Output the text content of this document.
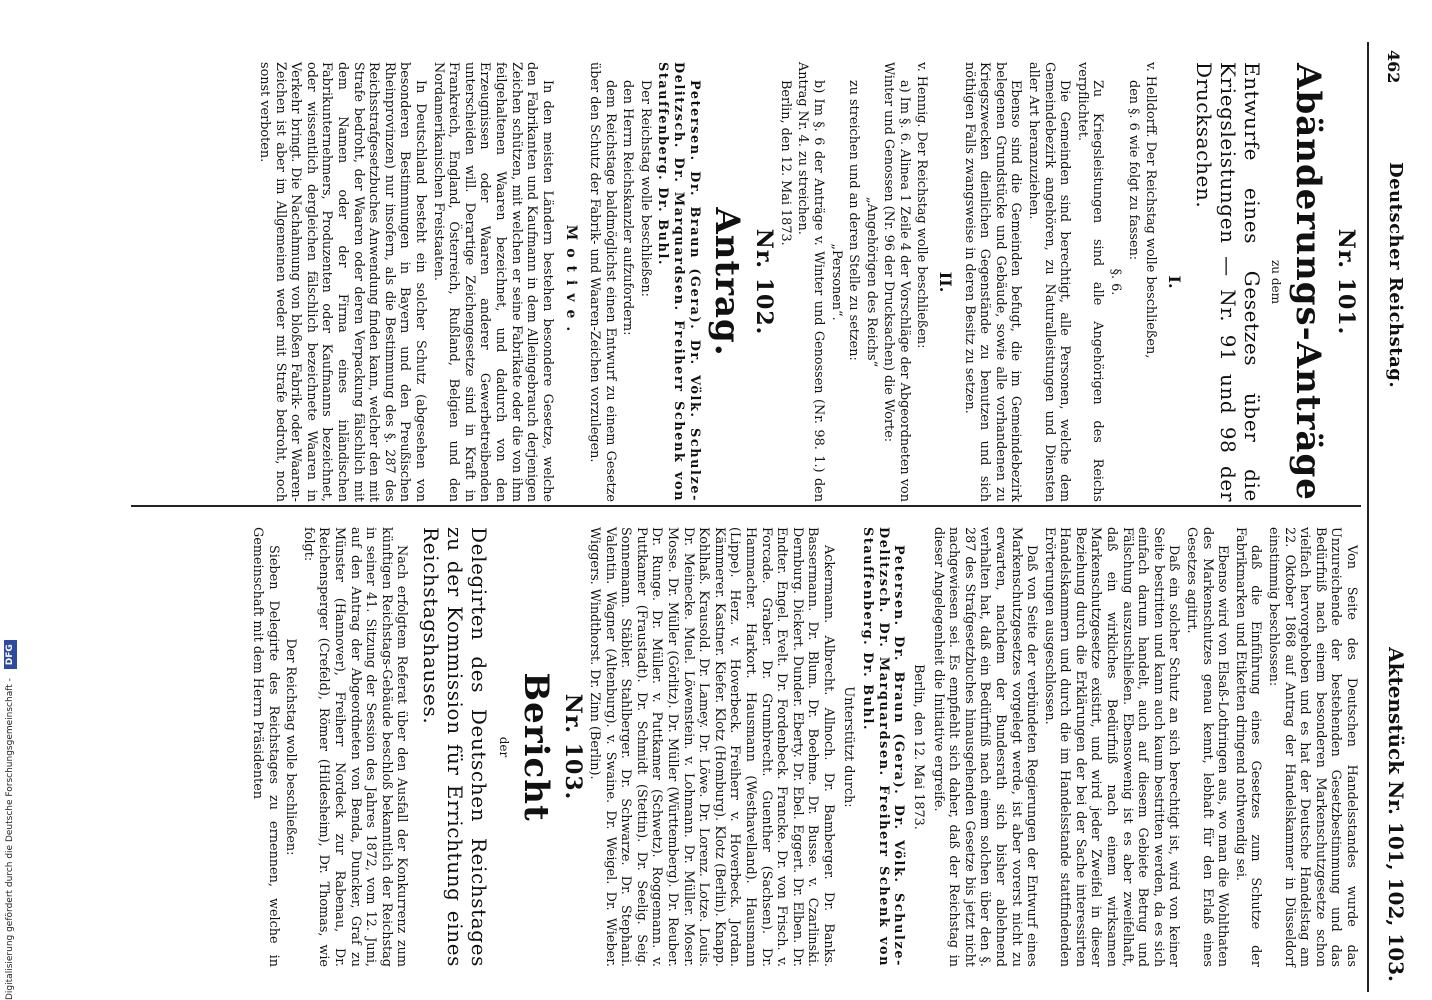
462
Deutscher Reichstag.
Aktenstück Nr. 101, 102, 103.
Nr. 101.
Abänderungs-Anträge
zu dem
Entwurfe eines Gesetzes über die Kriegsleistungen — Nr. 91 und 98 der Drucksachen.
I.

v. Helldorff. Der Reichstag wolle beschließen,

den §. 6 wie folgt zu fassen:

§. 6.

Zu Kriegsleistungen sind alle Angehörigen des Reichs verpflichtet.

Die Gemeinden sind berechtigt, alle Personen, welche dem Gemeindebezirk angehören, zu Naturalleistungen und Diensten aller Art heranzuziehen.

Ebenso sind die Gemeinden befugt, die im Gemeindebezirk belegenen Grundstücke und Gebäude, sowie alle vorhandenen zu Kriegszwecken dienlichen Gegenstände zu benutzen und sich nöthigen Falls zwangsweise in deren Besitz zu setzen.

II.

v. Hennig. Der Reichstag wolle beschließen:

a) Im §. 6. Alinea 1 Zeile 4 der Vorschläge der Abgeordneten von Winter und Genossen (Nr. 96 der Drucksachen) die Worte:

„Angehörigen des Reichs“

zu streichen und an deren Stelle zu setzen:

„Personen“.

b) Im §. 6 der Anträge v. Winter und Genossen (Nr. 98. 1.) den Antrag Nr. 4. zu streichen.

Berlin, den 12. Mai 1873.

Nr. 102.
Antrag.

Petersen. Dr. Braun (Gera). Dr. Völk. Schulze-Delitzsch. Dr. Marquardsen. Freiherr Schenk von Stauffenberg. Dr. Buhl.

Der Reichstag wolle beschließen:

den Herrn Reichskanzler aufzufordern:

dem Reichstage baldmöglichst einen Entwurf zu einem Gesetze über den Schutz der Fabrik- und Waaren-Zeichen vorzulegen.

Motive.

In den meisten Ländern bestehen besondere Gesetze, welche den Fabrikanten und Kaufmann in dem Alleingebrauch derjenigen Zeichen schützen, mit welchen er seine Fabrikate oder die von ihm feilgehaltenen Waaren bezeichnet, und dadurch von den Erzeugnissen oder Waaren anderer Gewerbetreibenden unterscheiden will. Derartige Zeichengesetze sind in Kraft in Frankreich, England, Österreich, Rußland, Belgien und den Nordamerikanischen Freistaaten.

In Deutschland besteht ein solcher Schutz (abgesehen von besonderen Bestimmungen in Bayern und den Preußischen Rheinprovinzen) nur insofern, als die Bestimmung des §. 287 des Reichsstrafgesetzbuches Anwendung finden kann, welcher den mit Strafe bedroht, der Waaren oder deren Verpackung fälschlich mit dem Namen oder der Firma eines inländischen Fabrikunternehmers, Produzenten oder Kaufmanns bezeichnet, oder wissentlich dergleichen fälschlich bezeichnete Waaren in Verkehr bringt. Die Nachahmung von bloßen Fabrik- oder Waaren-Zeichen ist aber im Allgemeinen weder mit Strafe bedroht, noch sonst verboten.

Von Seite des Deutschen Handelsstandes wurde das Unzureichende der bestehenden Gesetzbestimmung und das Bedürfniß nach einem besonderen Markenschutzgesetze schon vielfach hervorgehoben und es hat der Deutsche Handelstag am 22. Oktober 1868 auf Antrag der Handelskammer in Düsseldorf einstimmig beschlossen:

daß die Einführung eines Gesetzes zum Schutze der Fabrikmarken und Etiketten dringend nothwendig sei.

Ebenso wird von Elsaß-Lothringen aus, wo man die Wohlthaten des Markenschutzes genau kennt, lebhaft für den Erlaß eines Gesetzes agitirt.

Daß ein solcher Schutz an sich berechtigt ist, wird von keiner Seite bestritten und kann auch kaum bestritten werden, da es sich einfach darum handelt, auch auf diesem Gebiete Betrug und Fälschung auszuschließen. Ebensowenig ist es aber zweifelhaft, daß ein wirkliches Bedürfniß nach einem wirksamen Markenschutzgesetze existirt, und wird jeder Zweifel in dieser Beziehung durch die Erklärungen der bei der Sache interessirten Handelskammern und durch die im Handelsstande stattfindenden Erörterungen ausgeschlossen.

Daß von Seite der verbündeten Regierungen der Entwurf eines Markenschutzgesetzes vorgelegt werde, ist aber vorerst nicht zu erwarten, nachdem der Bundesrath sich bisher ablehnend verhalten hat, daß ein Bedürfniß nach einem solchen über den §. 287 des Strafgesetzbuches hinausgehenden Gesetze bis jetzt nicht nachgewiesen sei. Es empfiehlt sich daher, daß der Reichstag in dieser Angelegenheit die Initiative ergreife.

Berlin, den 12. Mai 1873.

Petersen. Dr. Braun (Gera). Dr. Völk. Schulze-Delitzsch. Dr. Marquardsen. Freiherr Schenk von Stauffenberg. Dr. Buhl.

Unterstützt durch:

Ackermann. Albrecht. Allnoch. Dr. Bamberger. Dr. Banks. Bassermann. Dr. Blum. Dr. Boehme. Dr. Busse. v. Czarlinski. Dernburg. Dickert. Dunder. Eberty. Dr. Ebel. Eggert. Dr. Elben. Dr. Endter. Engel. Evelt. Dr. Fordenbeck. Francke. Dr. von Frisch. v. Forcade. Graber. Dr. Grumbrecht. Guenther (Sachsen). Dr. Hammacher. Harkort. Hausmann (Westhavelland). Hausmann (Lippe). Herz. v. Hoverbeck. Freiherr v. Hoverbeck. Jordan. Kämmerer. Kastner. Kiefer. Klotz (Homburg). Klotz (Berlin). Knapp. Kohlhaß. Krausold. Dr. Lamey. Dr. Löwe. Dr. Lorenz. Lotze. Louis. Dr. Meinecke. Muel. Löwenstein. v. Lohmann. Dr. Müller. Moser. Mosse. Dr. Müller (Görlitz). Dr. Müller (Württemberg). Dr. Reuber. Dr. Runge. Dr. Müller. v. Puttkamer (Schwetz). Roggemann. v. Puttkamer (Fraustadt). Dr. Schmidt (Stettin). Dr. Seelig. Seig. Sonnemann. Stäbler. Stahlberger. Dr. Schwarze. Dr. Stephani. Valentin. Wagner (Altenburg). v. Swaine. Dr. Weigel. Dr. Wieber. Wiggers. Windthorst. Dr. Zinn (Berlin).

Nr. 103.
Bericht
der
Delegirten des Deutschen Reichstages zu der Kommission für Errichtung eines Reichstagshauses.

Nach erfolgtem Referat über den Ausfall der Konkurrenz zum künftigen Reichstags-Gebäude beschloß bekanntlich der Reichstag in seiner 41. Sitzung der Session des Jahres 1872, vom 12. Juni, auf den Antrag der Abgeordneten von Benda, Duncker, Graf zu Münster (Hannover), Freiherr Nordeck zur Rabenau, Dr. Reichensperger (Crefeld), Römer (Hildesheim), Dr. Thomas, wie folgt:

Der Reichstag wolle beschließen:

Sieben Delegirte des Reichstages zu ernennen, welche in Gemeinschaft mit dem Herrn Präsidenten

Digitalisierung gefördert durch die Deutsche Forschungsgemeinschaft - DFG
